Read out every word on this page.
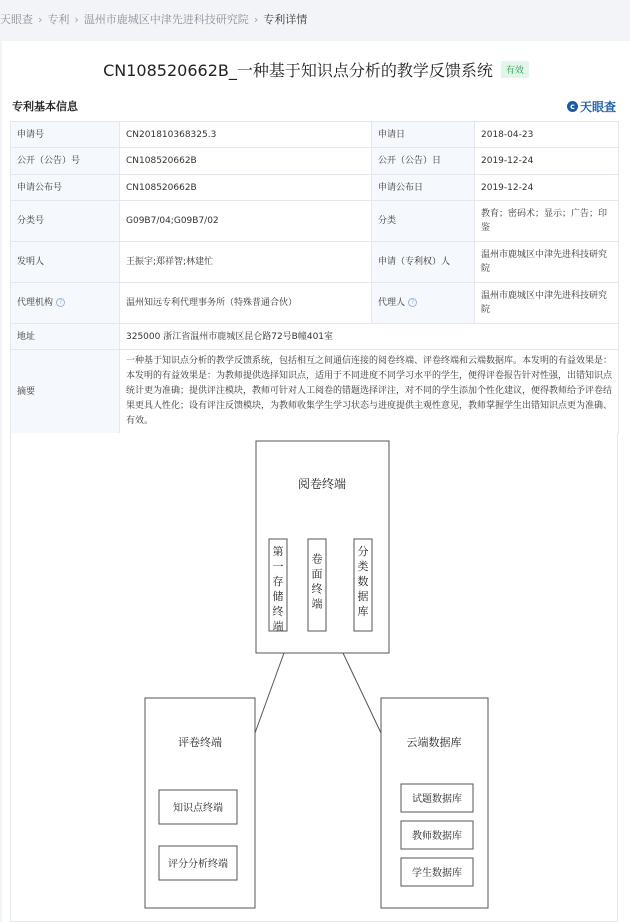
天眼查 › 专利 › 温州市鹿城区中津先进科技研究院 › 专利详情
CN108520662B_一种基于知识点分析的教学反馈系统	有效
专利基本信息	c 天眼查
申请号	CN201810368325.3	申请日	2018-04-23
公开（公告）号	CN108520662B	公开（公告）日	2019-12-24
申请公布号	CN108520662B	申请公布日	2019-12-24
分类号	G09B7/04;G09B7/02	分类	教育；密码术；显示；广告；印鉴
发明人	王振宇;郑祥智;林建忙	申请（专利权）人	温州市鹿城区中津先进科技研究院
代理机构 ?	温州知远专利代理事务所（特殊普通合伙）	代理人 ?	温州市鹿城区中津先进科技研究院
地址	325000 浙江省温州市鹿城区昆仑路72号B幢401室		
摘要	一种基于知识点分析的教学反馈系统，包括相互之间通信连接的阅卷终端、评卷终端和云端数据库。本发明的有益效果是：本发明的有益效果是：为教师提供选择知识点，适用于不同进度不同学习水平的学生，便得评卷报告针对性强，出错知识点统计更为准确；提供评注模块，教师可针对人工阅卷的错题选择评注，对不同的学生添加个性化建议，便得教师给予评卷结果更具人性化；设有评注反馈模块，为教师收集学生学习状态与进度提供主观性意见，教师掌握学生出错知识点更为准确、有效。		
阅卷终端
评卷终端
知识点终端
评分分析终端
云端数据库
试题数据库
教师数据库
学生数据库
第一存储终端
卷面终端
分类数据库
